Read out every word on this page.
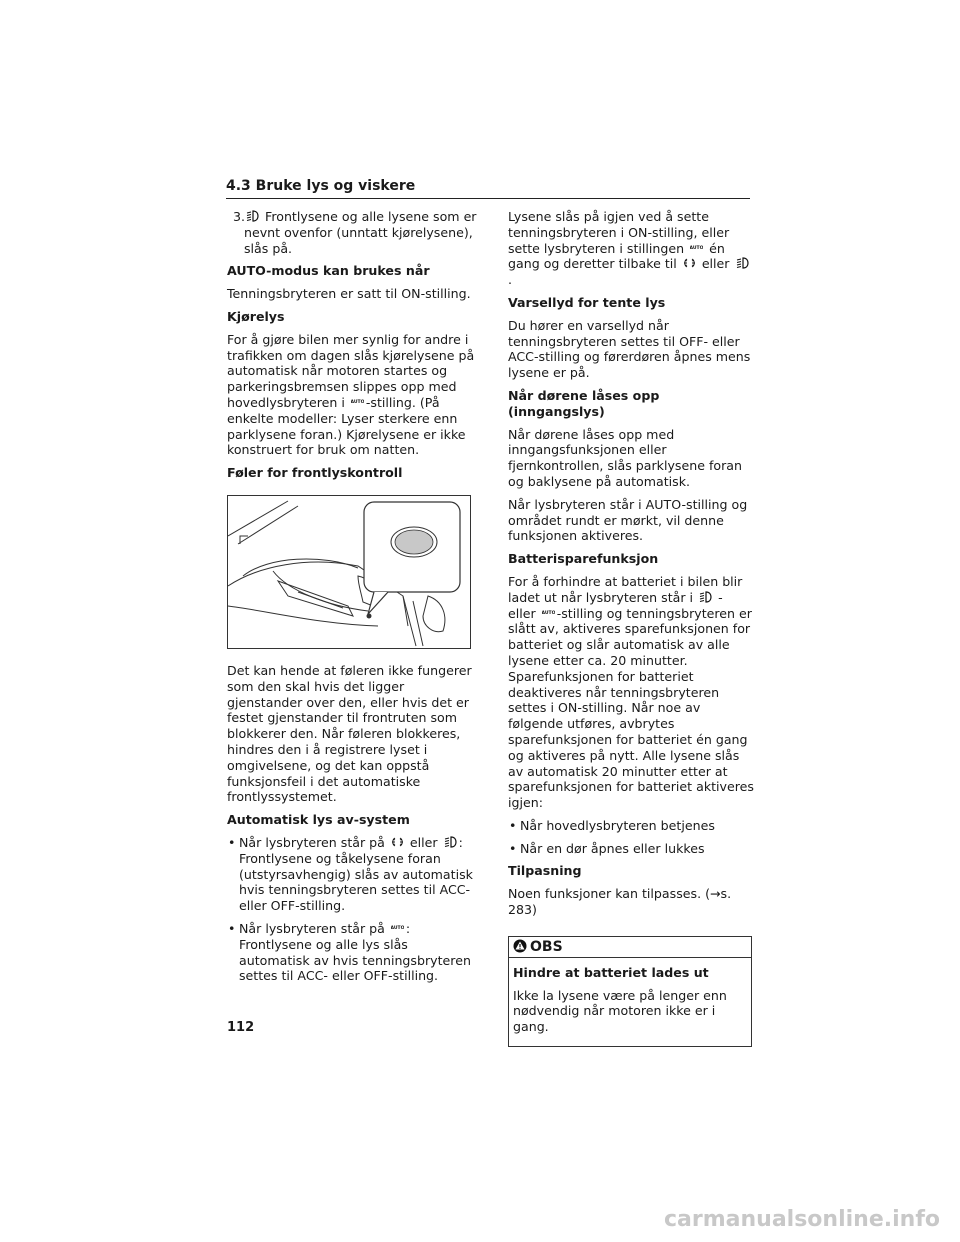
4.3 Bruke lys og viskere
3. Frontlysene og alle lysene som er nevnt ovenfor (unntatt kjørelysene), slås på.

AUTO-modus kan brukes når

Tenningsbryteren er satt til ON-stilling.

Kjørelys

For å gjøre bilen mer synlig for andre i trafikken om dagen slås kjørelysene på automatisk når motoren startes og parkeringsbremsen slippes opp med hovedlysbryteren i AUTO -stilling. (På enkelte modeller: Lyser sterkere enn parklysene foran.) Kjørelysene er ikke konstruert for bruk om natten.

Føler for frontlyskontroll

Det kan hende at føleren ikke fungerer som den skal hvis det ligger gjenstander over den, eller hvis det er festet gjenstander til frontruten som blokkerer den. Når føleren blokkeres, hindres den i å registrere lyset i omgivelsene, og det kan oppstå funksjonsfeil i det automatiske frontlyssystemet.

Automatisk lys av-system

• Når lysbryteren står på eller :
Frontlysene og tåkelysene foran (utstyrsavhengig) slås av automatisk hvis tenningsbryteren settes til ACC- eller OFF-stilling.
• Når lysbryteren står på AUTO :
Frontlysene og alle lys slås automatisk av hvis tenningsbryteren settes til ACC- eller OFF-stilling.

Lysene slås på igjen ved å sette tenningsbryteren i ON-stilling, eller sette lysbryteren i stillingen AUTO én gang og deretter tilbake til eller
.

Varsellyd for tente lys

Du hører en varsellyd når tenningsbryteren settes til OFF- eller ACC-stilling og førerdøren åpnes mens lysene er på.

Når dørene låses opp (inngangslys)

Når dørene låses opp med inngangsfunksjonen eller fjernkontrollen, slås parklysene foran og baklysene på automatisk.

Når lysbryteren står i AUTO-stilling og området rundt er mørkt, vil denne funksjonen aktiveres.

Batterisparefunksjon

For å forhindre at batteriet i bilen blir ladet ut når lysbryteren står i - eller AUTO -stilling og tenningsbryteren er slått av, aktiveres sparefunksjonen for batteriet og slår automatisk av alle lysene etter ca. 20 minutter. Sparefunksjonen for batteriet deaktiveres når tenningsbryteren settes i ON-stilling. Når noe av følgende utføres, avbrytes sparefunksjonen for batteriet én gang og aktiveres på nytt. Alle lysene slås av automatisk 20 minutter etter at sparefunksjonen for batteriet aktiveres igjen:

• Når hovedlysbryteren betjenes
• Når en dør åpnes eller lukkes

Tilpasning

Noen funksjoner kan tilpasses. (→s. 283)

OBS

Hindre at batteriet lades ut

Ikke la lysene være på lenger enn nødvendig når motoren ikke er i gang.

112
carmanualsonline.info
